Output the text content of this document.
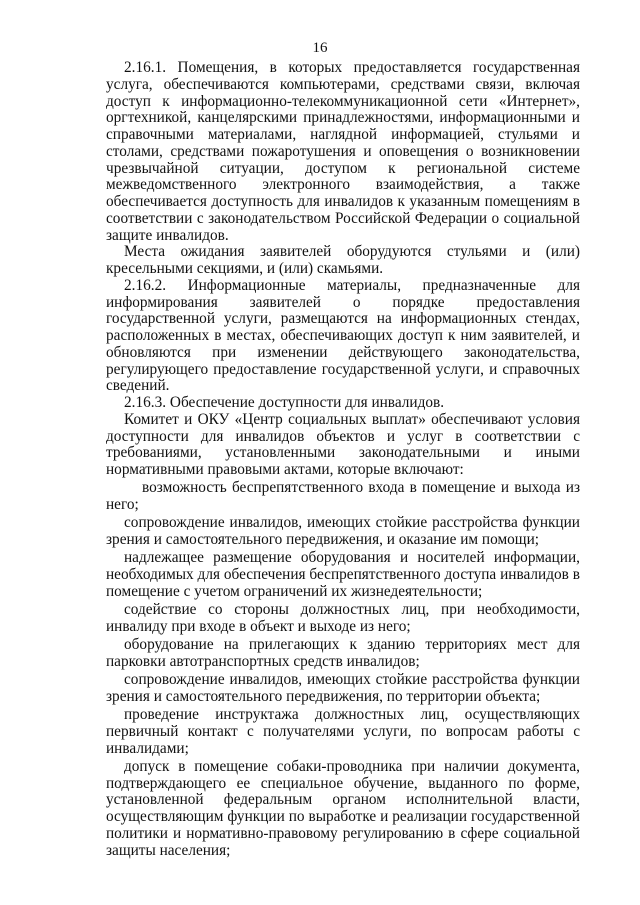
16

2.16.1. Помещения, в которых предоставляется государственная услуга, обеспечиваются компьютерами, средствами связи, включая доступ к информационно-телекоммуникационной сети «Интернет», оргтехникой, канцелярскими принадлежностями, информационными и справочными материалами, наглядной информацией, стульями и столами, средствами пожаротушения и оповещения о возникновении чрезвычайной ситуации, доступом к региональной системе межведомственного электронного взаимодействия, а также обеспечивается доступность для инвалидов к указанным помещениям в соответствии с законодательством Российской Федерации о социальной защите инвалидов.

Места ожидания заявителей оборудуются стульями и (или) кресельными секциями, и (или) скамьями.

2.16.2. Информационные материалы, предназначенные для информирования заявителей о порядке предоставления государственной услуги, размещаются на информационных стендах, расположенных в местах, обеспечивающих доступ к ним заявителей, и обновляются при изменении действующего законодательства, регулирующего предоставление государственной услуги, и справочных сведений.

2.16.3. Обеспечение доступности для инвалидов.

Комитет и ОКУ «Центр социальных выплат» обеспечивают условия доступности для инвалидов объектов и услуг в соответствии с требованиями, установленными законодательными и иными нормативными правовыми актами, которые включают:

возможность беспрепятственного входа в помещение и выхода из него;

сопровождение инвалидов, имеющих стойкие расстройства функции зрения и самостоятельного передвижения, и оказание им помощи;

надлежащее размещение оборудования и носителей информации, необходимых для обеспечения беспрепятственного доступа инвалидов в помещение с учетом ограничений их жизнедеятельности;

содействие со стороны должностных лиц, при необходимости, инвалиду при входе в объект и выходе из него;

оборудование на прилегающих к зданию территориях мест для парковки автотранспортных средств инвалидов;

сопровождение инвалидов, имеющих стойкие расстройства функции зрения и самостоятельного передвижения, по территории объекта;

проведение инструктажа должностных лиц, осуществляющих первичный контакт с получателями услуги, по вопросам работы с инвалидами;

допуск в помещение собаки-проводника при наличии документа, подтверждающего ее специальное обучение, выданного по форме, установленной федеральным органом исполнительной власти, осуществляющим функции по выработке и реализации государственной политики и нормативно-правовому регулированию в сфере социальной защиты населения;
